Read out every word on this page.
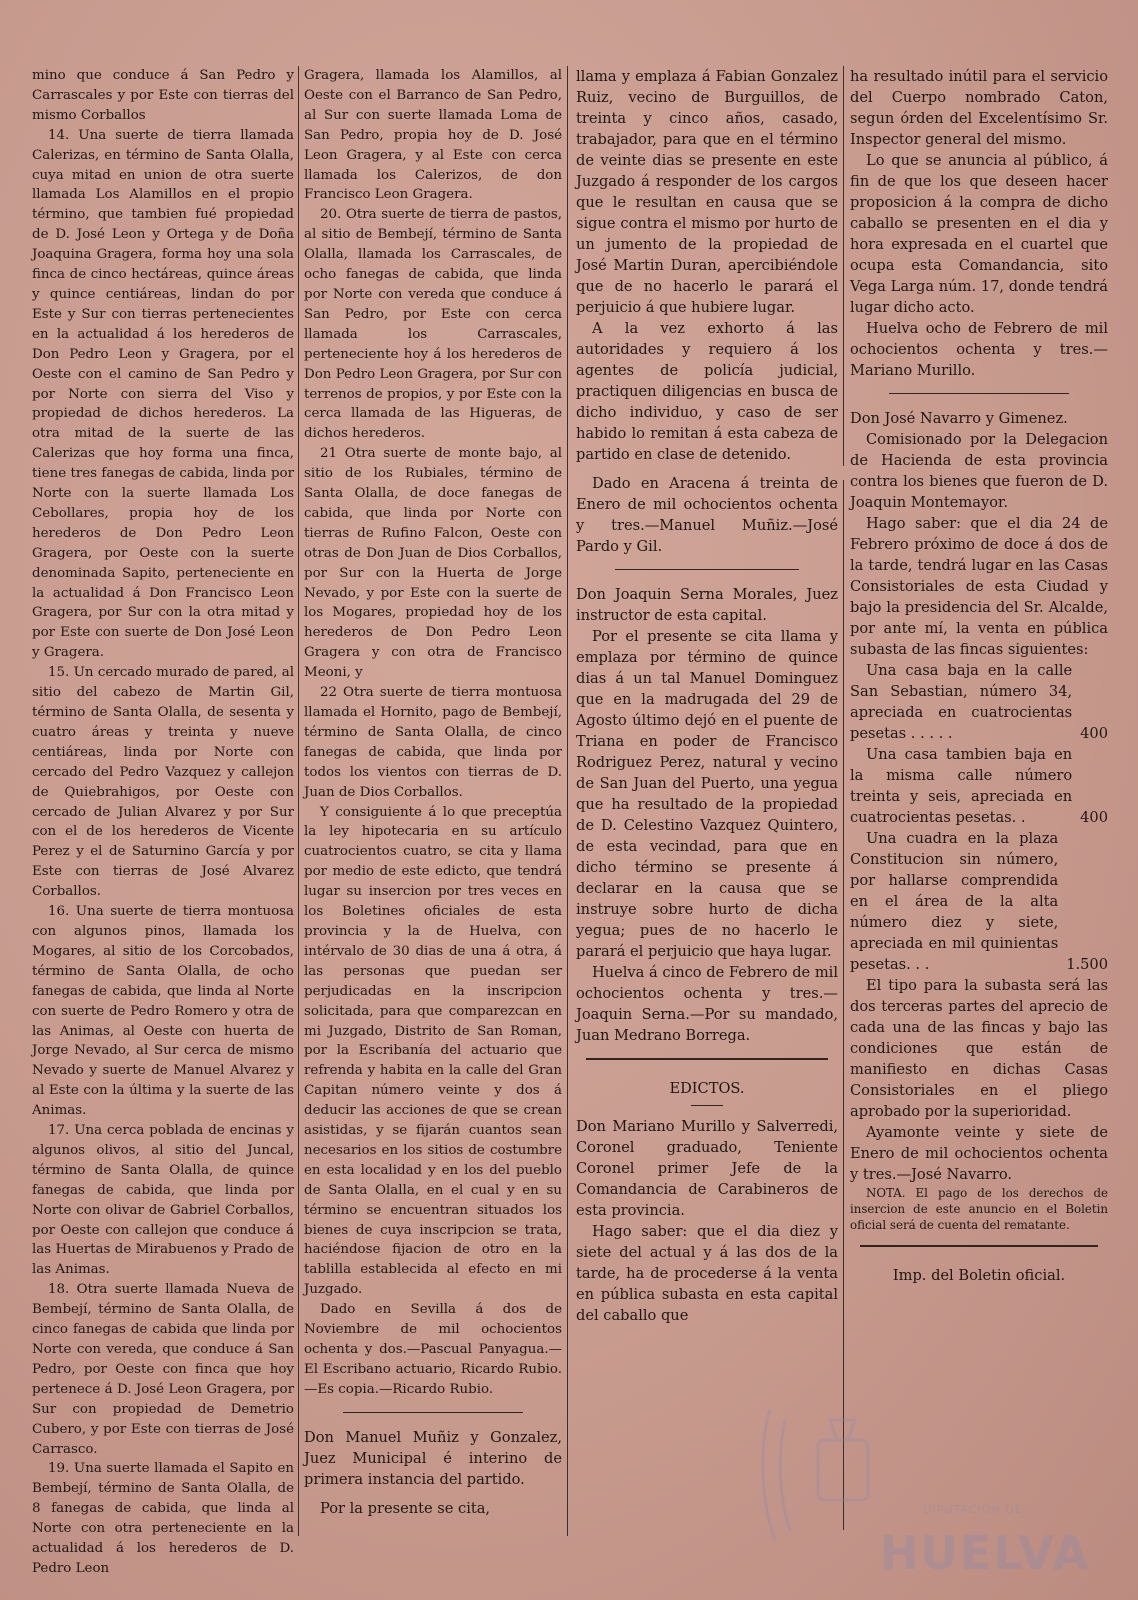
mino que conduce á San Pedro y Carrascales y por Este con tierras del mismo Corballos

14. Una suerte de tierra llamada Calerizas, en término de Santa Olalla, cuya mitad en union de otra suerte llamada Los Alamillos en el propio término, que tambien fué propiedad de D. José Leon y Ortega y de Doña Joaquina Gragera, forma hoy una sola finca de cinco hectáreas, quince áreas y quince centiáreas, lindan do por Este y Sur con tierras pertenecientes en la actualidad á los herederos de Don Pedro Leon y Gragera, por el Oeste con el camino de San Pedro y por Norte con sierra del Viso y propiedad de dichos herederos. La otra mitad de la suerte de las Calerizas que hoy forma una finca, tiene tres fanegas de cabida, linda por Norte con la suerte llamada Los Cebollares, propia hoy de los herederos de Don Pedro Leon Gragera, por Oeste con la suerte denominada Sapito, perteneciente en la actualidad á Don Francisco Leon Gragera, por Sur con la otra mitad y por Este con suerte de Don José Leon y Gragera.

15. Un cercado murado de pared, al sitio del cabezo de Martin Gil, término de Santa Olalla, de sesenta y cuatro áreas y treinta y nueve centiáreas, linda por Norte con cercado del Pedro Vazquez y callejon de Quiebrahigos, por Oeste con cercado de Julian Alvarez y por Sur con el de los herederos de Vicente Perez y el de Saturnino García y por Este con tierras de José Alvarez Corballos.

16. Una suerte de tierra montuosa con algunos pinos, llamada los Mogares, al sitio de los Corcobados, término de Santa Olalla, de ocho fanegas de cabida, que linda al Norte con suerte de Pedro Romero y otra de las Animas, al Oeste con huerta de Jorge Nevado, al Sur cerca de mismo Nevado y suerte de Manuel Alvarez y al Este con la última y la suerte de las Animas.

17. Una cerca poblada de encinas y algunos olivos, al sitio del Juncal, término de Santa Olalla, de quince fanegas de cabida, que linda por Norte con olivar de Gabriel Corballos, por Oeste con callejon que conduce á las Huertas de Mirabuenos y Prado de las Animas.

18. Otra suerte llamada Nueva de Bembejí, término de Santa Olalla, de cinco fanegas de cabida que linda por Norte con vereda, que conduce á San Pedro, por Oeste con finca que hoy pertenece á D. José Leon Gragera, por Sur con propiedad de Demetrio Cubero, y por Este con tierras de José Carrasco.

19. Una suerte llamada el Sapito en Bembejí, término de Santa Olalla, de 8 fanegas de cabida, que linda al Norte con otra perteneciente en la actualidad á los herederos de D. Pedro Leon

Gragera, llamada los Alamillos, al Oeste con el Barranco de San Pedro, al Sur con suerte llamada Loma de San Pedro, propia hoy de D. José Leon Gragera, y al Este con cerca llamada los Calerizos, de don Francisco Leon Gragera.

20. Otra suerte de tierra de pastos, al sitio de Bembejí, término de Santa Olalla, llamada los Carrascales, de ocho fanegas de cabida, que linda por Norte con vereda que conduce á San Pedro, por Este con cerca llamada los Carrascales, perteneciente hoy á los herederos de Don Pedro Leon Gragera, por Sur con terrenos de propios, y por Este con la cerca llamada de las Higueras, de dichos herederos.

21 Otra suerte de monte bajo, al sitio de los Rubiales, término de Santa Olalla, de doce fanegas de cabida, que linda por Norte con tierras de Rufino Falcon, Oeste con otras de Don Juan de Dios Corballos, por Sur con la Huerta de Jorge Nevado, y por Este con la suerte de los Mogares, propiedad hoy de los herederos de Don Pedro Leon Gragera y con otra de Francisco Meoni, y

22 Otra suerte de tierra montuosa llamada el Hornito, pago de Bembejí, término de Santa Olalla, de cinco fanegas de cabida, que linda por todos los vientos con tierras de D. Juan de Dios Corballos.

Y consiguiente á lo que preceptúa la ley hipotecaria en su artículo cuatrocientos cuatro, se cita y llama por medio de este edicto, que tendrá lugar su insercion por tres veces en los Boletines oficiales de esta provincia y la de Huelva, con intérvalo de 30 dias de una á otra, á las personas que puedan ser perjudicadas en la inscripcion solicitada, para que comparezcan en mi Juzgado, Distrito de San Roman, por la Escribanía del actuario que refrenda y habita en la calle del Gran Capitan número veinte y dos á deducir las acciones de que se crean asistidas, y se fijarán cuantos sean necesarios en los sitios de costumbre en esta localidad y en los del pueblo de Santa Olalla, en el cual y en su término se encuentran situados los bienes de cuya inscripcion se trata, haciéndose fijacion de otro en la tablilla establecida al efecto en mi Juzgado.

Dado en Sevilla á dos de Noviembre de mil ochocientos ochenta y dos.—Pascual Panyagua.—El Escribano actuario, Ricardo Rubio.—Es copia.—Ricardo Rubio.

Don Manuel Muñiz y Gonzalez, Juez Municipal é interino de primera instancia del partido.

Por la presente se cita,

llama y emplaza á Fabian Gonzalez Ruiz, vecino de Burguillos, de treinta y cinco años, casado, trabajador, para que en el término de veinte dias se presente en este Juzgado á responder de los cargos que le resultan en causa que se sigue contra el mismo por hurto de un jumento de la propiedad de José Martin Duran, apercibiéndole que de no hacerlo le parará el perjuicio á que hubiere lugar.

A la vez exhorto á las autoridades y requiero á los agentes de policía judicial, practiquen diligencias en busca de dicho individuo, y caso de ser habido lo remitan á esta cabeza de partido en clase de detenido.

Dado en Aracena á treinta de Enero de mil ochocientos ochenta y tres.—Manuel Muñiz.—José Pardo y Gil.

Don Joaquin Serna Morales, Juez instructor de esta capital.

Por el presente se cita llama y emplaza por término de quince dias á un tal Manuel Dominguez que en la madrugada del 29 de Agosto último dejó en el puente de Triana en poder de Francisco Rodriguez Perez, natural y vecino de San Juan del Puerto, una yegua que ha resultado de la propiedad de D. Celestino Vazquez Quintero, de esta vecindad, para que en dicho término se presente á declarar en la causa que se instruye sobre hurto de dicha yegua; pues de no hacerlo le parará el perjuicio que haya lugar.

Huelva á cinco de Febrero de mil ochocientos ochenta y tres.—Joaquin Serna.—Por su mandado, Juan Medrano Borrega.

EDICTOS.

Don Mariano Murillo y Salverredi, Coronel graduado, Teniente Coronel primer Jefe de la Comandancia de Carabineros de esta provincia.

Hago saber: que el dia diez y siete del actual y á las dos de la tarde, ha de procederse á la venta en pública subasta en esta capital del caballo que

ha resultado inútil para el servicio del Cuerpo nombrado Caton, segun órden del Excelentísimo Sr. Inspector general del mismo.

Lo que se anuncia al público, á fin de que los que deseen hacer proposicion á la compra de dicho caballo se presenten en el dia y hora expresada en el cuartel que ocupa esta Comandancia, sito Vega Larga núm. 17, donde tendrá lugar dicho acto.

Huelva ocho de Febrero de mil ochocientos ochenta y tres.—Mariano Murillo.

Don José Navarro y Gimenez.

Comisionado por la Delegacion de Hacienda de esta provincia contra los bienes que fueron de D. Joaquin Montemayor.

Hago saber: que el dia 24 de Febrero próximo de doce á dos de la tarde, tendrá lugar en las Casas Consistoriales de esta Ciudad y bajo la presidencia del Sr. Alcalde, por ante mí, la venta en pública subasta de las fincas siguientes:

Una casa baja en la calle San Sebastian, número 34, apreciada en cuatrocientas pesetas . . . . .	400

Una casa tambien baja en la misma calle número treinta y seis, apreciada en cuatrocientas pesetas. .	400

Una cuadra en la plaza Constitucion sin número, por hallarse comprendida en el área de la alta número diez y siete, apreciada en mil quinientas pesetas. . .	1.500

El tipo para la subasta será las dos terceras partes del aprecio de cada una de las fincas y bajo las condiciones que están de manifiesto en dichas Casas Consistoriales en el pliego aprobado por la superioridad.

Ayamonte veinte y siete de Enero de mil ochocientos ochenta y tres.—José Navarro.

NOTA. El pago de los derechos de insercion de este anuncio en el Boletin oficial será de cuenta del rematante.

Imp. del Boletin oficial.

DIPUTACIÓN DE
HUELVA
